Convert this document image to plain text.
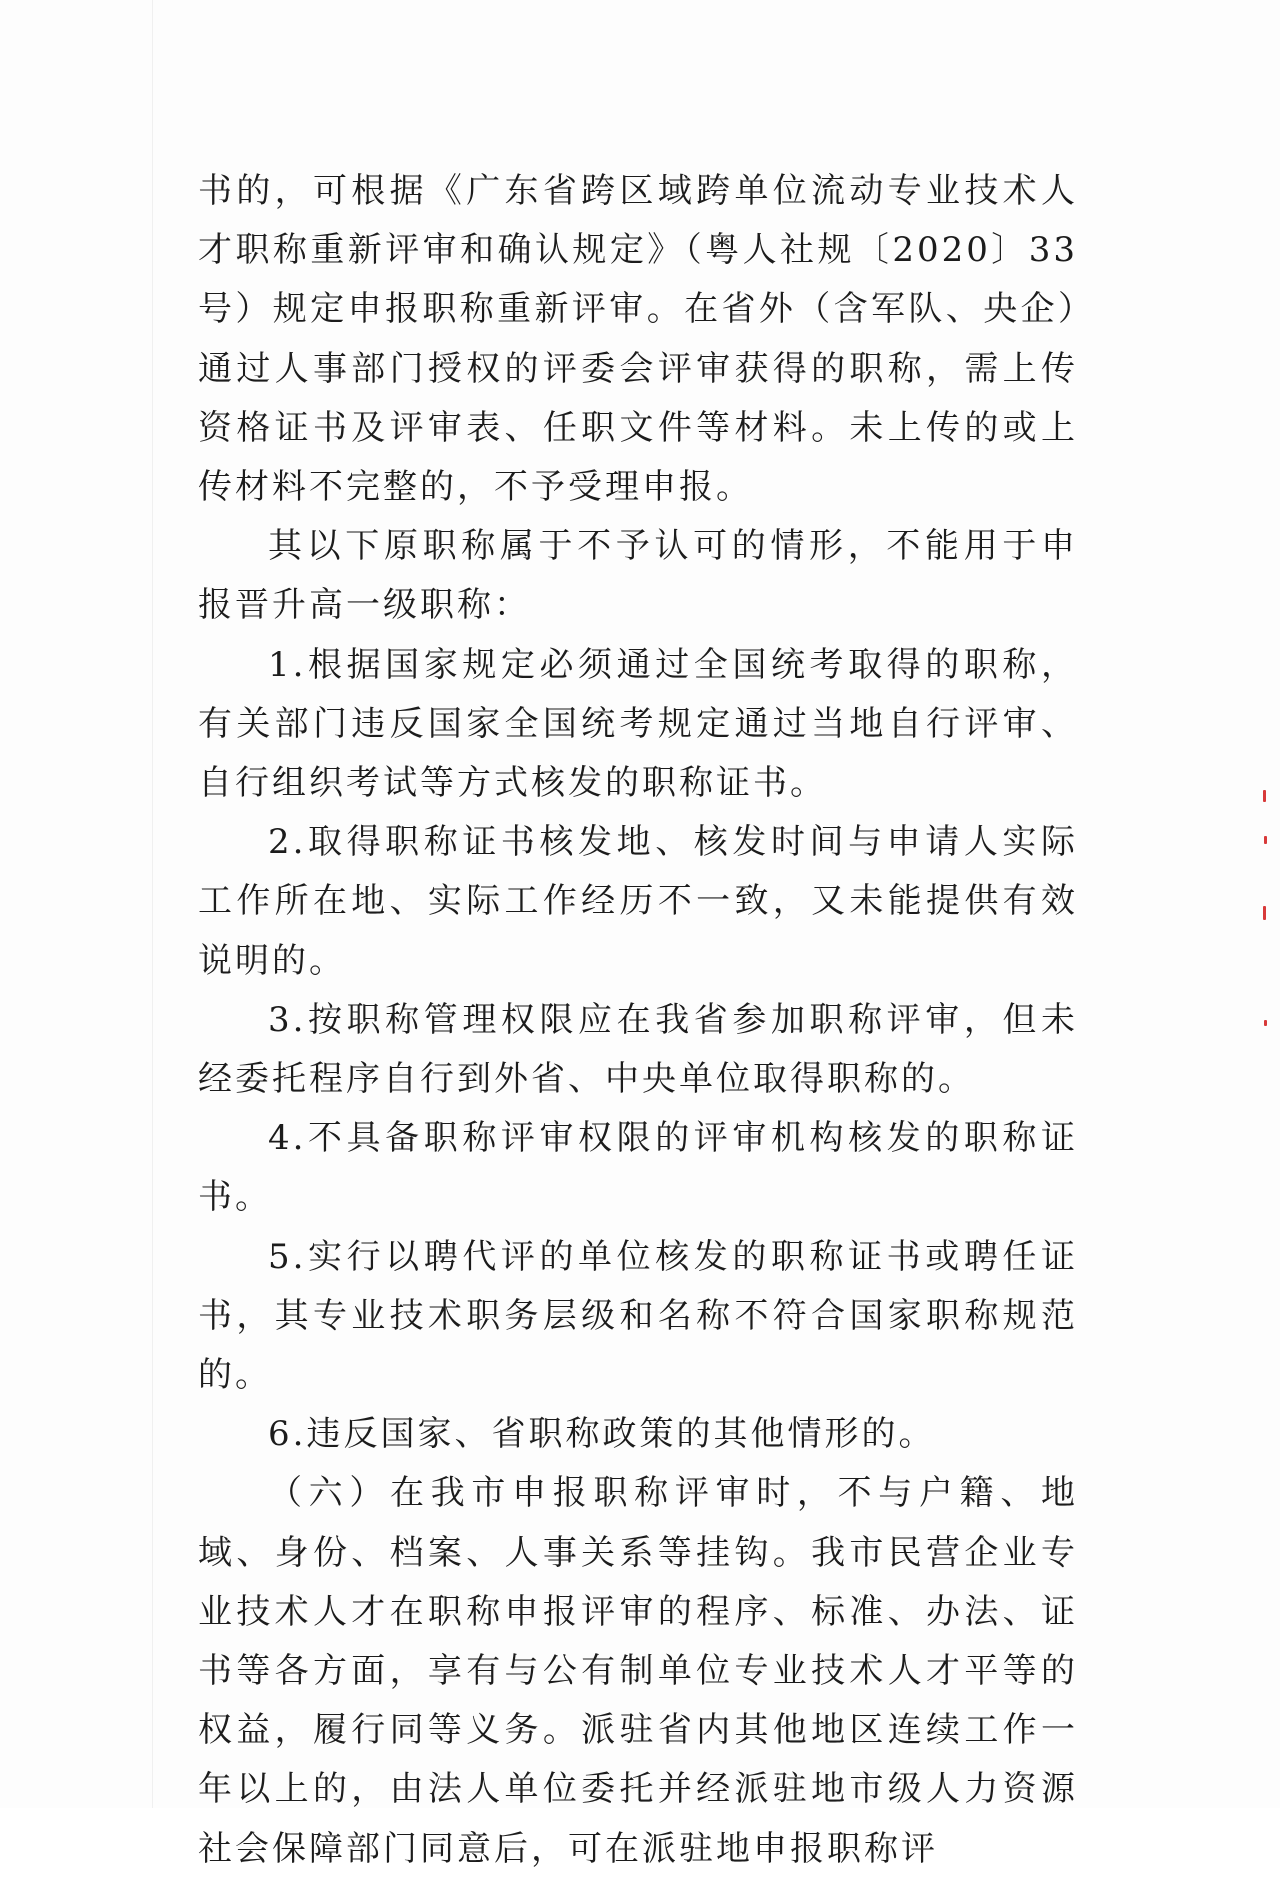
书的，可根据《广东省跨区域跨单位流动专业技术人才职称重新评审和确认规定》（粤人社规〔2020〕33号）规定申报职称重新评审。在省外（含军队、央企）通过人事部门授权的评委会评审获得的职称，需上传资格证书及评审表、任职文件等材料。未上传的或上传材料不完整的，不予受理申报。

其以下原职称属于不予认可的情形，不能用于申报晋升高一级职称：

1.根据国家规定必须通过全国统考取得的职称，有关部门违反国家全国统考规定通过当地自行评审、自行组织考试等方式核发的职称证书。

2.取得职称证书核发地、核发时间与申请人实际工作所在地、实际工作经历不一致，又未能提供有效说明的。

3.按职称管理权限应在我省参加职称评审，但未经委托程序自行到外省、中央单位取得职称的。

4.不具备职称评审权限的评审机构核发的职称证书。

5.实行以聘代评的单位核发的职称证书或聘任证书，其专业技术职务层级和名称不符合国家职称规范的。

6.违反国家、省职称政策的其他情形的。

（六）在我市申报职称评审时，不与户籍、地域、身份、档案、人事关系等挂钩。我市民营企业专业技术人才在职称申报评审的程序、标准、办法、证书等各方面，享有与公有制单位专业技术人才平等的权益，履行同等义务。派驻省内其他地区连续工作一年以上的，由法人单位委托并经派驻地市级人力资源社会保障部门同意后，可在派驻地申报职称评
